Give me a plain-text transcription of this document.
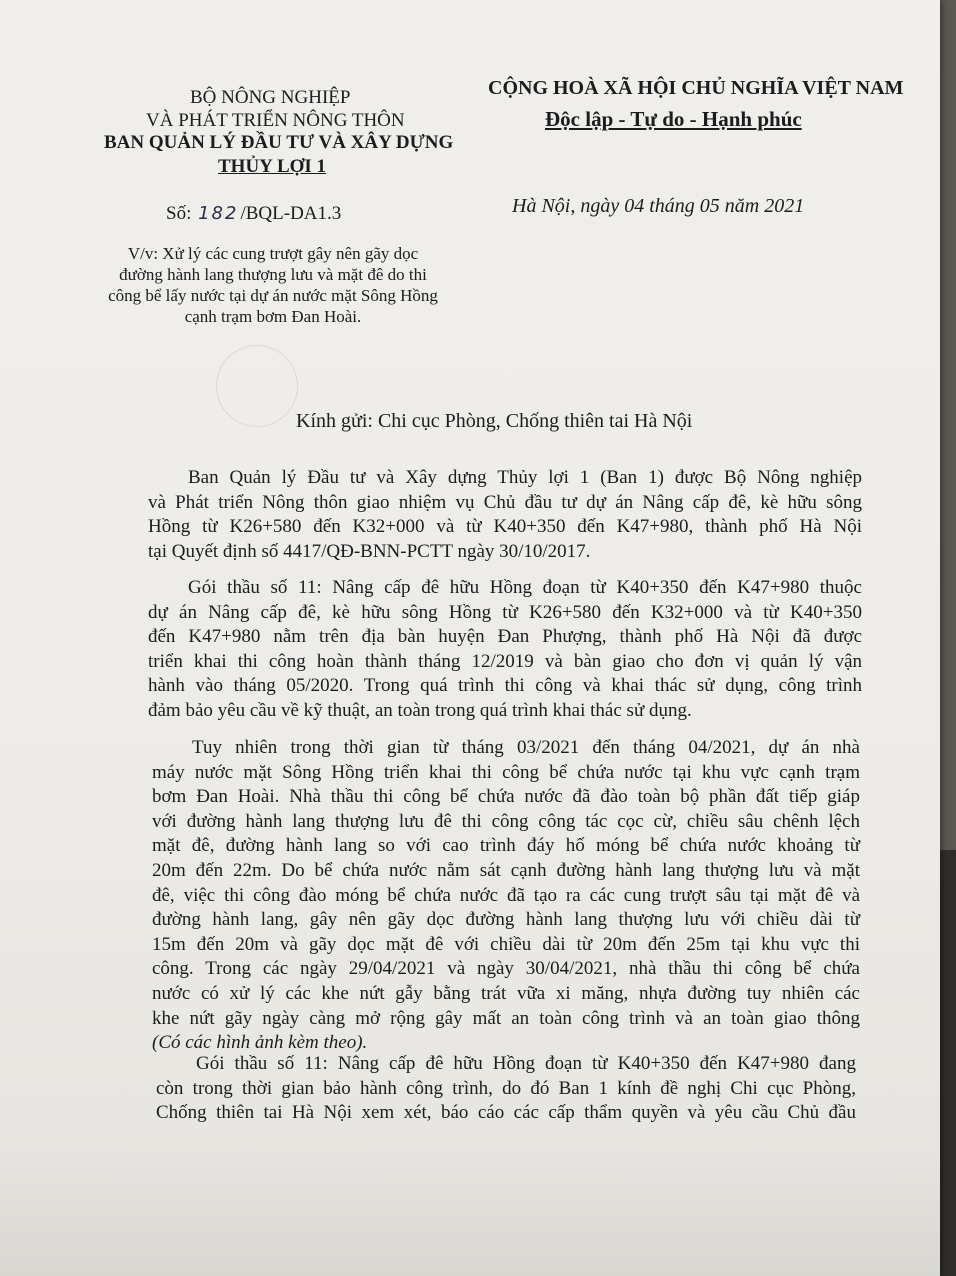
BỘ NÔNG NGHIỆP
VÀ PHÁT TRIỂN NÔNG THÔN
BAN QUẢN LÝ ĐẦU TƯ VÀ XÂY DỰNG
THỦY LỢI 1
CỘNG HOÀ XÃ HỘI CHỦ NGHĨA VIỆT NAM
Độc lập - Tự do - Hạnh phúc
Số: 182 /BQL-DA1.3	Hà Nội, ngày 04 tháng 05 năm 2021
V/v: Xử lý các cung trượt gây nên gãy dọc
đường hành lang thượng lưu và mặt đê do thi
công bể lấy nước tại dự án nước mặt Sông Hồng
cạnh trạm bơm Đan Hoài.
Kính gửi: Chi cục Phòng, Chống thiên tai Hà Nội
Ban Quản lý Đầu tư và Xây dựng Thủy lợi 1 (Ban 1) được Bộ Nông nghiệp
và Phát triển Nông thôn giao nhiệm vụ Chủ đầu tư dự án Nâng cấp đê, kè hữu sông
Hồng từ K26+580 đến K32+000 và từ K40+350 đến K47+980, thành phố Hà Nội
tại Quyết định số 4417/QĐ-BNN-PCTT ngày 30/10/2017.
Gói thầu số 11: Nâng cấp đê hữu Hồng đoạn từ K40+350 đến K47+980 thuộc
dự án Nâng cấp đê, kè hữu sông Hồng từ K26+580 đến K32+000 và từ K40+350
đến K47+980 nằm trên địa bàn huyện Đan Phượng, thành phố Hà Nội đã được
triển khai thi công hoàn thành tháng 12/2019 và bàn giao cho đơn vị quản lý vận
hành vào tháng 05/2020. Trong quá trình thi công và khai thác sử dụng, công trình
đảm bảo yêu cầu về kỹ thuật, an toàn trong quá trình khai thác sử dụng.
Tuy nhiên trong thời gian từ tháng 03/2021 đến tháng 04/2021, dự án nhà
máy nước mặt Sông Hồng triển khai thi công bể chứa nước tại khu vực cạnh trạm
bơm Đan Hoài. Nhà thầu thi công bể chứa nước đã đào toàn bộ phần đất tiếp giáp
với đường hành lang thượng lưu đê thi công công tác cọc cừ, chiều sâu chênh lệch
mặt đê, đường hành lang so với cao trình đáy hố móng bể chứa nước khoảng từ
20m đến 22m. Do bể chứa nước nằm sát cạnh đường hành lang thượng lưu và mặt
đê, việc thi công đào móng bể chứa nước đã tạo ra các cung trượt sâu tại mặt đê và
đường hành lang, gây nên gãy dọc đường hành lang thượng lưu với chiều dài từ
15m đến 20m và gãy dọc mặt đê với chiều dài từ 20m đến 25m tại khu vực thi
công. Trong các ngày 29/04/2021 và ngày 30/04/2021, nhà thầu thi công bể chứa
nước có xử lý các khe nứt gẫy bằng trát vữa xi măng, nhựa đường tuy nhiên các
khe nứt gãy ngày càng mở rộng gây mất an toàn công trình và an toàn giao thông
(Có các hình ảnh kèm theo).
Gói thầu số 11: Nâng cấp đê hữu Hồng đoạn từ K40+350 đến K47+980 đang
còn trong thời gian bảo hành công trình, do đó Ban 1 kính đề nghị Chi cục Phòng,
Chống thiên tai Hà Nội xem xét, báo cáo các cấp thẩm quyền và yêu cầu Chủ đầu
